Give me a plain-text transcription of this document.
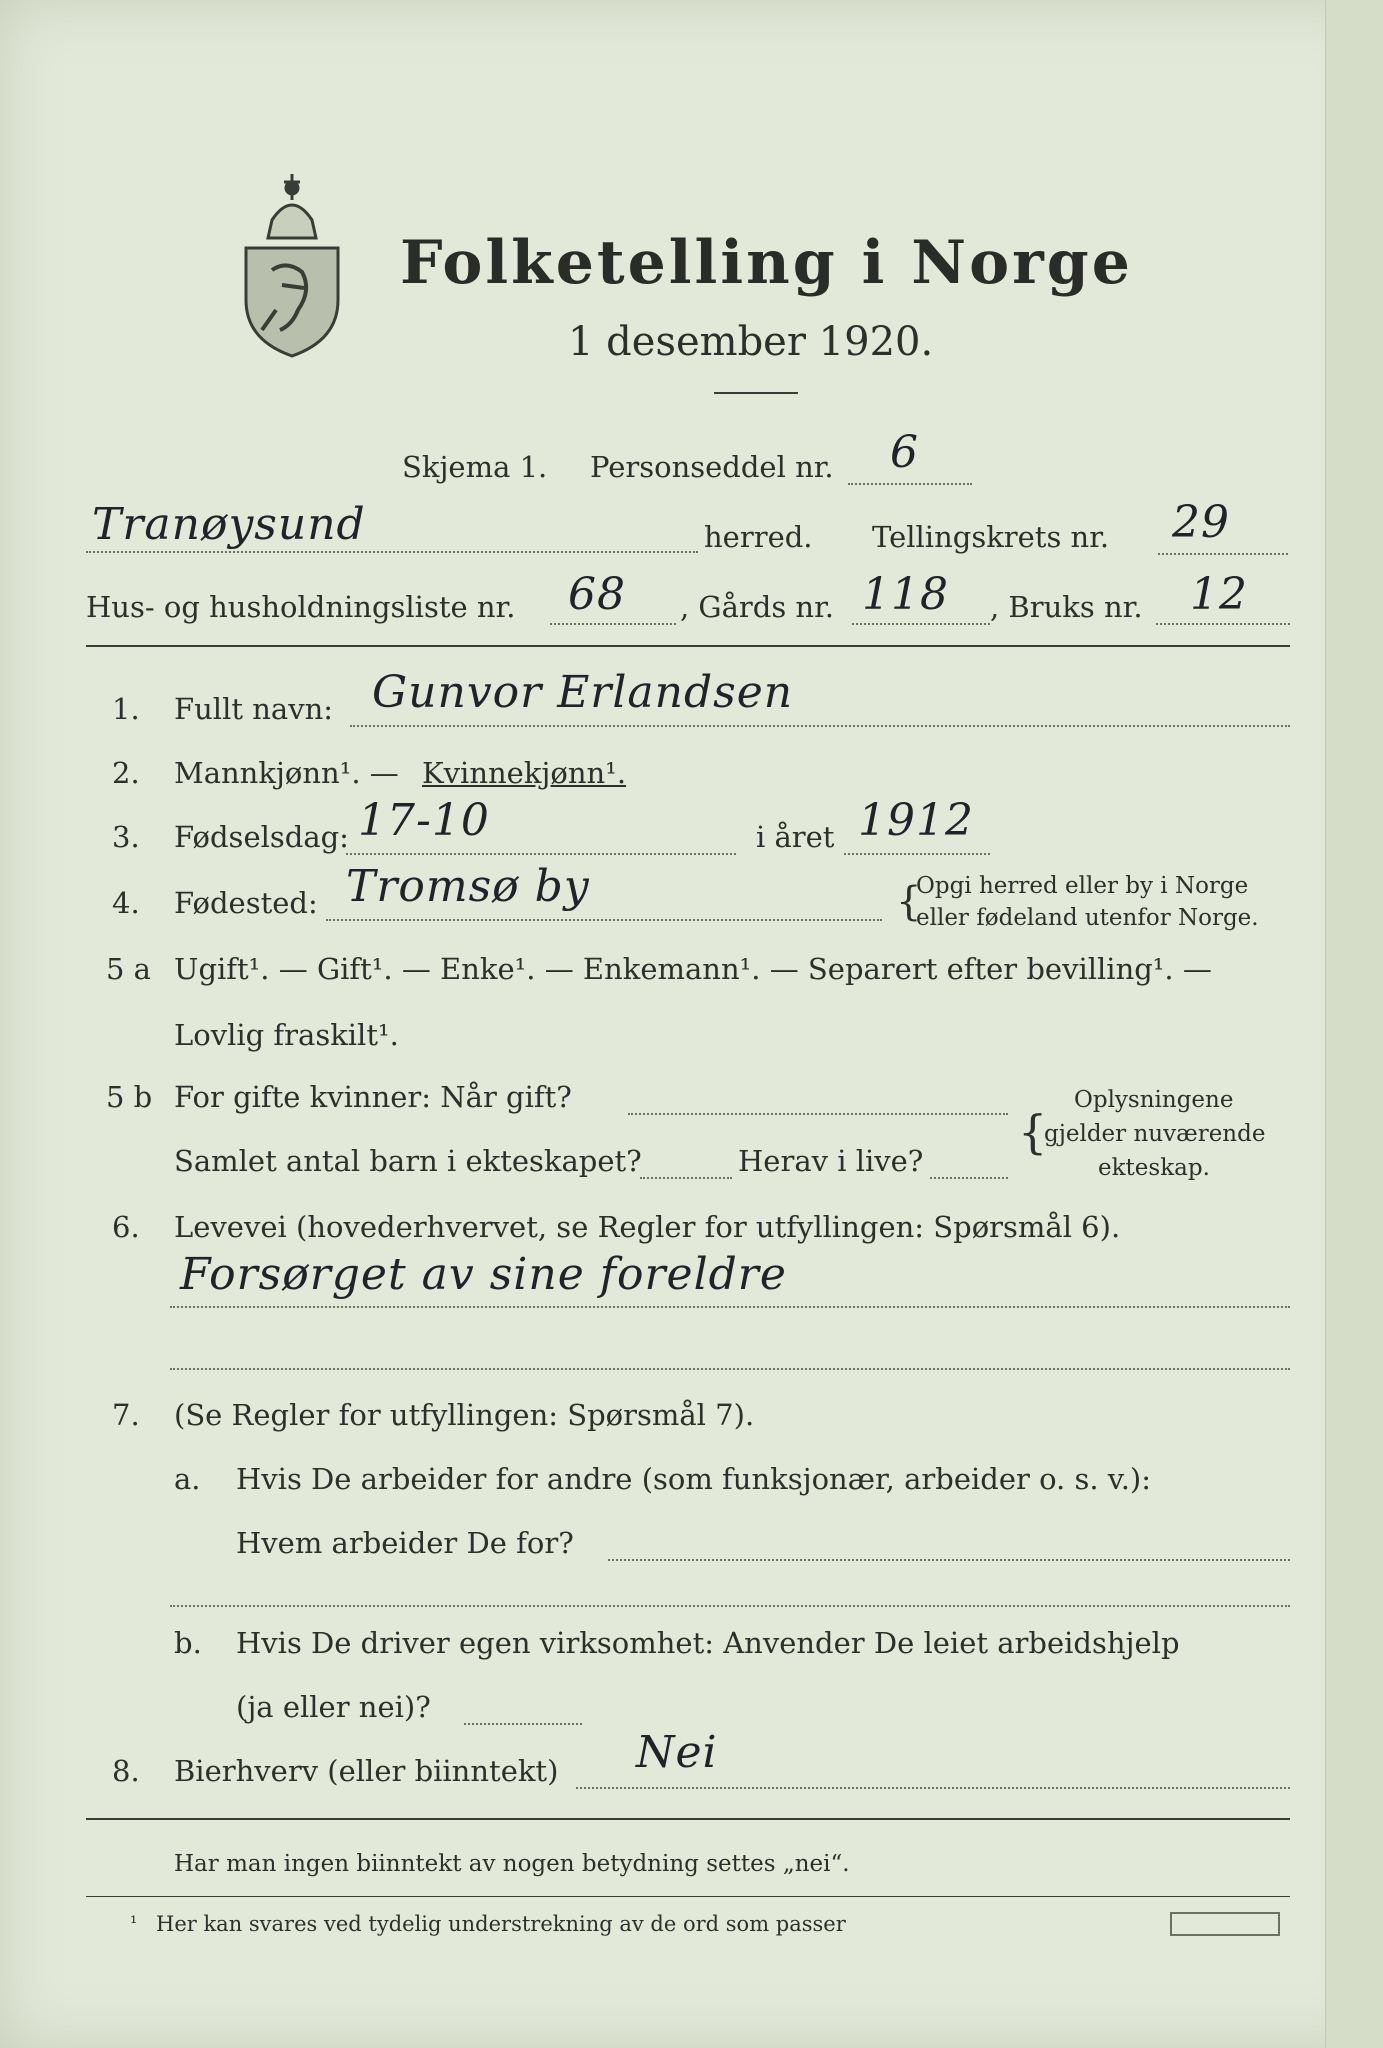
Folketelling i Norge
1 desember 1920.
Skjema 1. Personseddel nr. 6
Tranøysund	herred. Tellingskrets nr. 29
Hus- og husholdningsliste nr. 68 , Gårds nr. 118 , Bruks nr. 12
1. Fullt navn: Gunvor Erlandsen
2. Mannkjønn¹. — Kvinnekjønn¹.
3. Fødselsdag: 17-10	i året 1912
4. Fødested: Tromsø by	{
Opgi herred eller by i Norge
eller fødeland utenfor Norge.
5 a Ugift¹. — Gift¹. — Enke¹. — Enkemann¹. — Separert efter bevilling¹. —
Lovlig fraskilt¹.
5 b For gifte kvinner: Når gift?
Samlet antal barn i ekteskapet?	Herav i live?
{
Oplysningene
gjelder nuværende
ekteskap.
6. Levevei (hovederhvervet, se Regler for utfyllingen: Spørsmål 6).
Forsørget av sine foreldre
7. (Se Regler for utfyllingen: Spørsmål 7).
a. Hvis De arbeider for andre (som funksjonær, arbeider o. s. v.):
Hvem arbeider De for?
b. Hvis De driver egen virksomhet: Anvender De leiet arbeidshjelp
(ja eller nei)?
8. Bierhverv (eller biinntekt) Nei
Har man ingen biinntekt av nogen betydning settes „nei“.
¹ Her kan svares ved tydelig understrekning av de ord som passer
